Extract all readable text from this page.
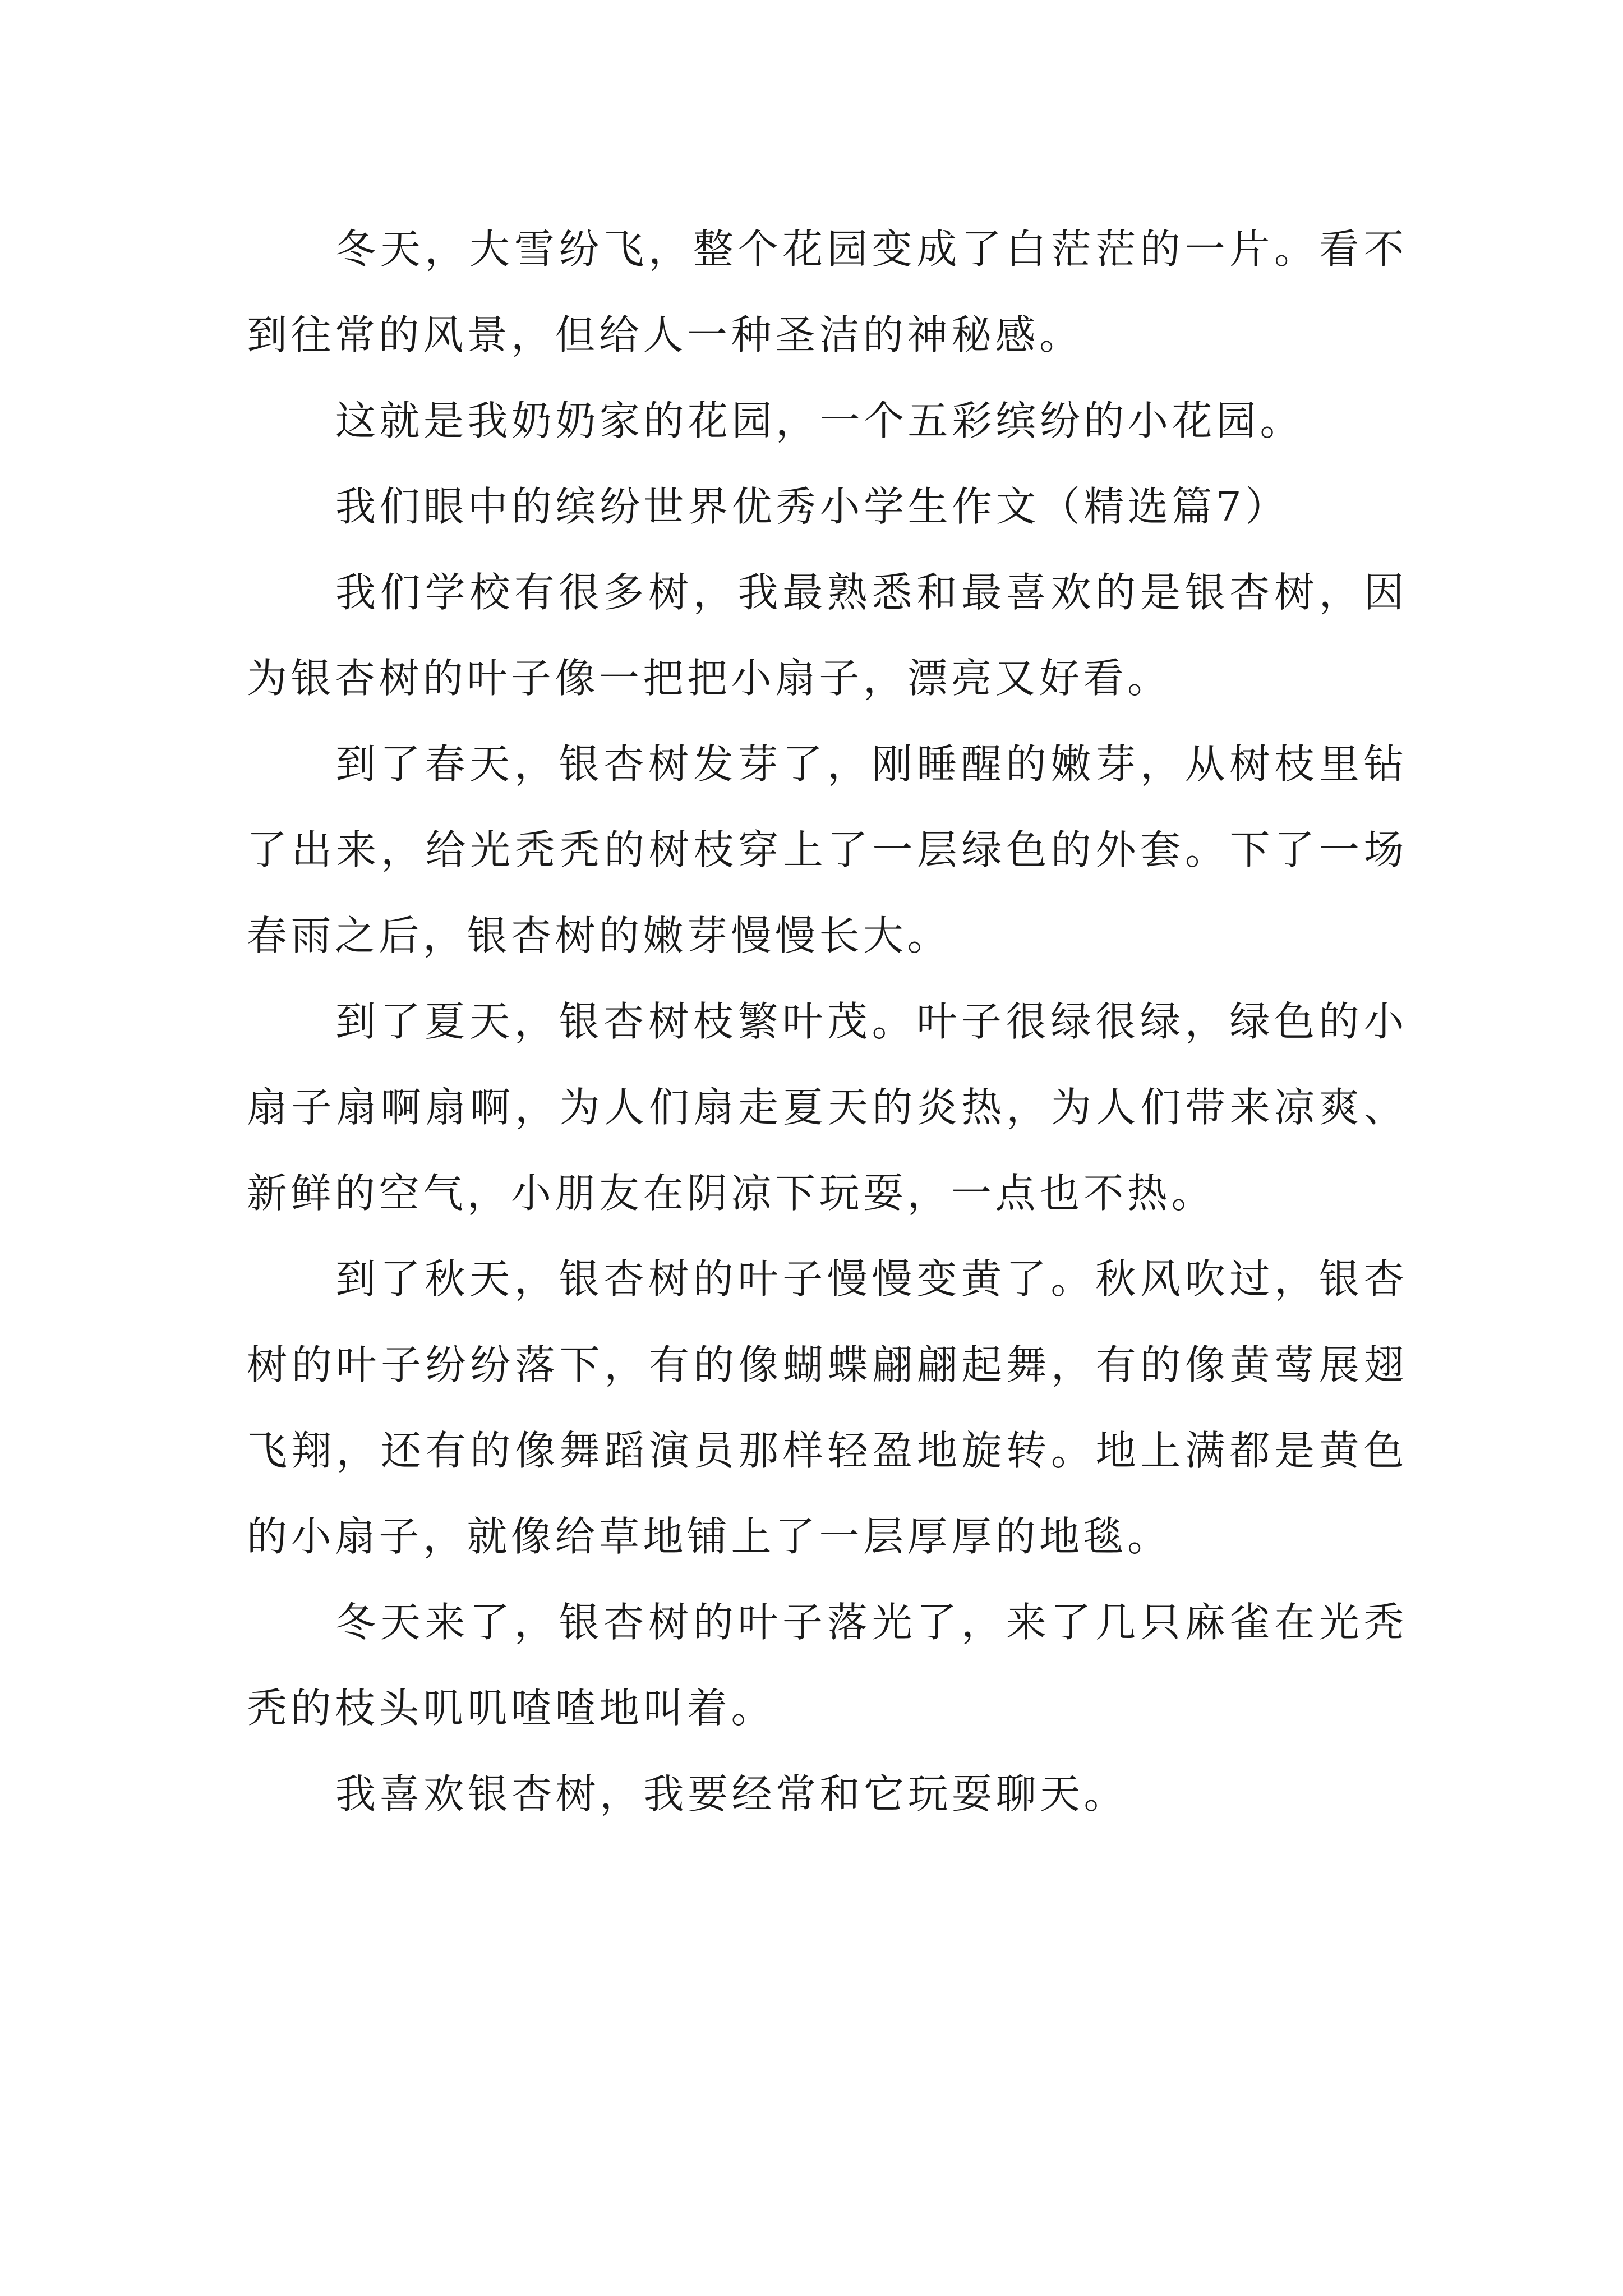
冬天，大雪纷飞，整个花园变成了白茫茫的一片。看不到往常的风景，但给人一种圣洁的神秘感。

这就是我奶奶家的花园，一个五彩缤纷的小花园。

我们眼中的缤纷世界优秀小学生作文（精选篇7）

我们学校有很多树，我最熟悉和最喜欢的是银杏树，因为银杏树的叶子像一把把小扇子，漂亮又好看。

到了春天，银杏树发芽了，刚睡醒的嫩芽，从树枝里钻了出来，给光秃秃的树枝穿上了一层绿色的外套。下了一场春雨之后，银杏树的嫩芽慢慢长大。

到了夏天，银杏树枝繁叶茂。叶子很绿很绿，绿色的小扇子扇啊扇啊，为人们扇走夏天的炎热，为人们带来凉爽、新鲜的空气，小朋友在阴凉下玩耍，一点也不热。

到了秋天，银杏树的叶子慢慢变黄了。秋风吹过，银杏树的叶子纷纷落下，有的像蝴蝶翩翩起舞，有的像黄莺展翅飞翔，还有的像舞蹈演员那样轻盈地旋转。地上满都是黄色的小扇子，就像给草地铺上了一层厚厚的地毯。

冬天来了，银杏树的叶子落光了，来了几只麻雀在光秃秃的枝头叽叽喳喳地叫着。

我喜欢银杏树，我要经常和它玩耍聊天。
